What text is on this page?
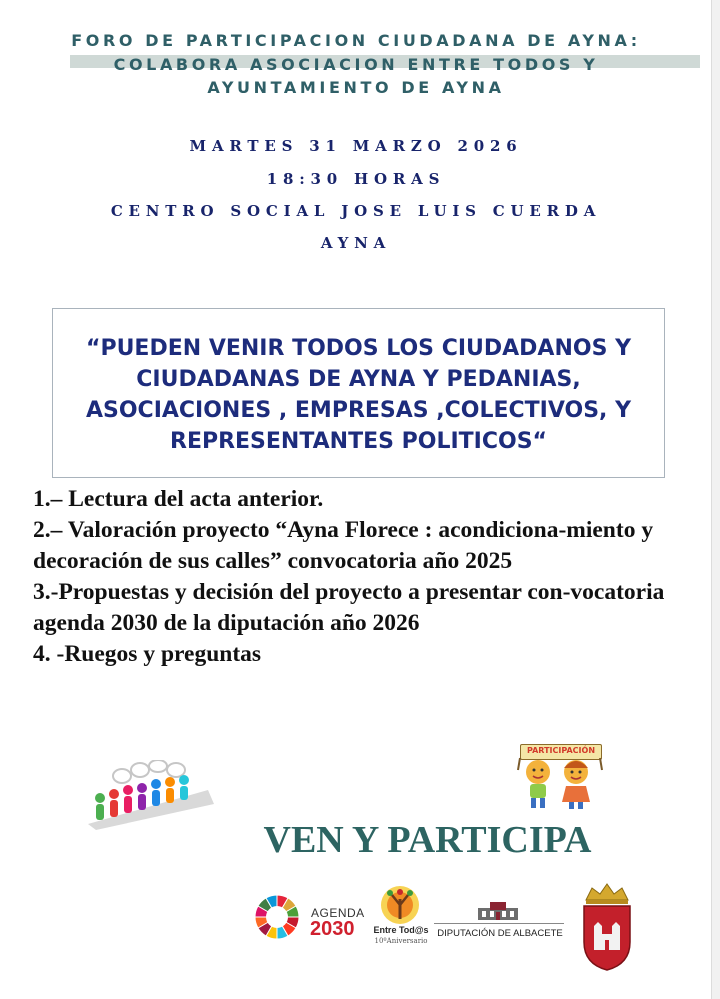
FORO DE PARTICIPACION CIUDADANA DE AYNA:
COLABORA ASOCIACION ENTRE TODOS Y
AYUNTAMIENTO DE AYNA
MARTES 31 MARZO 2026
18:30 HORAS
CENTRO SOCIAL JOSE LUIS CUERDA
AYNA
“PUEDEN VENIR TODOS LOS CIUDADANOS Y CIUDADANAS DE AYNA Y PEDANIAS, ASOCIACIONES , EMPRESAS ,COLECTIVOS, Y REPRESENTANTES POLITICOS“
1.– Lectura del acta anterior.
2.– Valoración proyecto “Ayna Florece : acondiciona-miento y decoración de sus calles” convocatoria año 2025
3.-Propuestas y decisión del proyecto a presentar con-vocatoria agenda 2030 de la diputación año 2026
4. -Ruegos y preguntas
PARTICIPACIÓN
VEN Y PARTICIPA
AGENDA
2030	Entre Tod@s
10ºAniversario
DIPUTACIÓN DE ALBACETE
